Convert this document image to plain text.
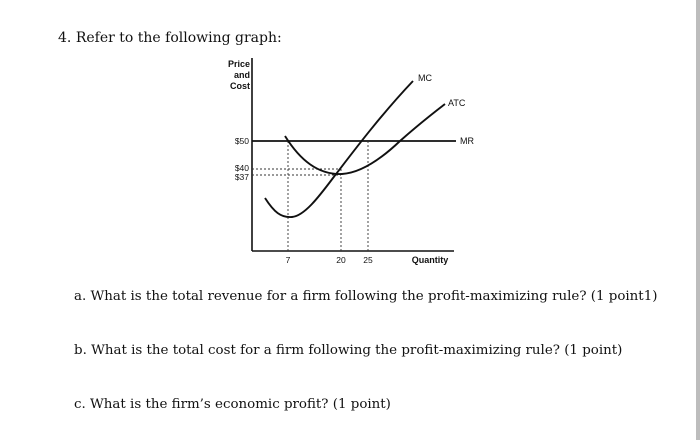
4. Refer to the following graph:
Price
and
Cost
MC
ATC
MR
$50
$40
$37
7	20 25	Quantity
a. What is the total revenue for a firm following the profit-maximizing rule? (1 point1)
b. What is the total cost for a firm following the profit-maximizing rule? (1 point)
c. What is the firm’s economic profit? (1 point)
